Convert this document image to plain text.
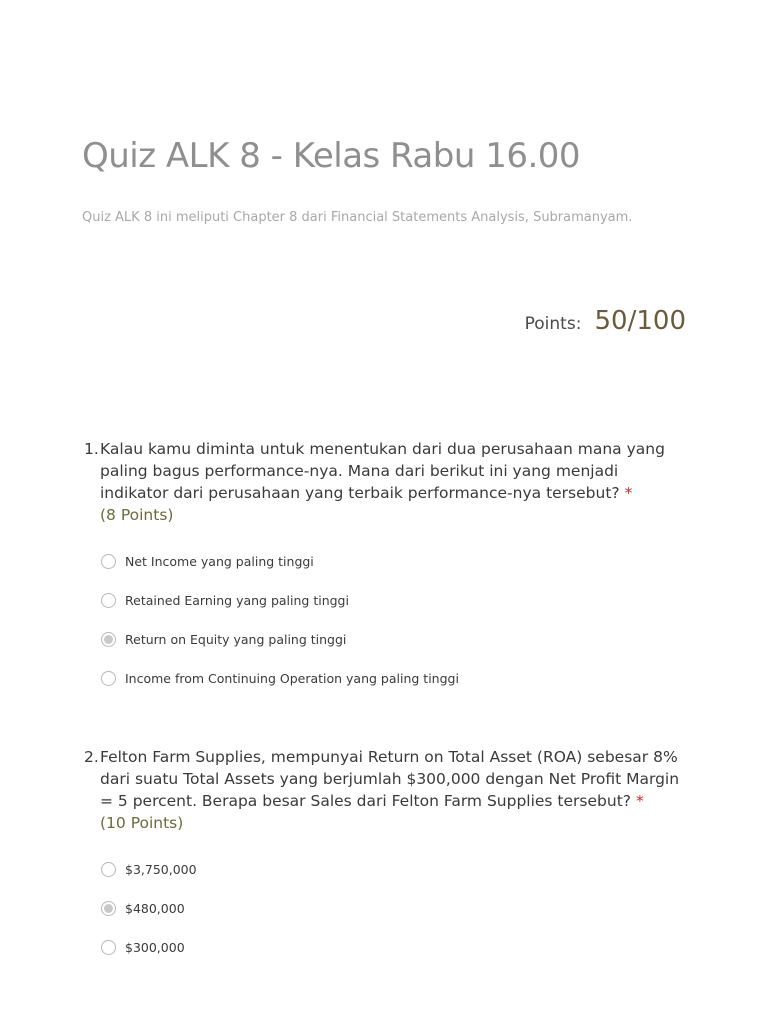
Quiz ALK 8 - Kelas Rabu 16.00
Quiz ALK 8 ini meliputi Chapter 8 dari Financial Statements Analysis, Subramanyam.
Points: 50/100
1. Kalau kamu diminta untuk menentukan dari dua perusahaan mana yang paling bagus performance-nya. Mana dari berikut ini yang menjadi indikator dari perusahaan yang terbaik performance-nya tersebut? *
(8 Points)
Net Income yang paling tinggi
Retained Earning yang paling tinggi
Return on Equity yang paling tinggi
Income from Continuing Operation yang paling tinggi
2. Felton Farm Supplies, mempunyai Return on Total Asset (ROA) sebesar 8% dari suatu Total Assets yang berjumlah $300,000 dengan Net Profit Margin = 5 percent. Berapa besar Sales dari Felton Farm Supplies tersebut? *
(10 Points)
$3,750,000
$480,000
$300,000
